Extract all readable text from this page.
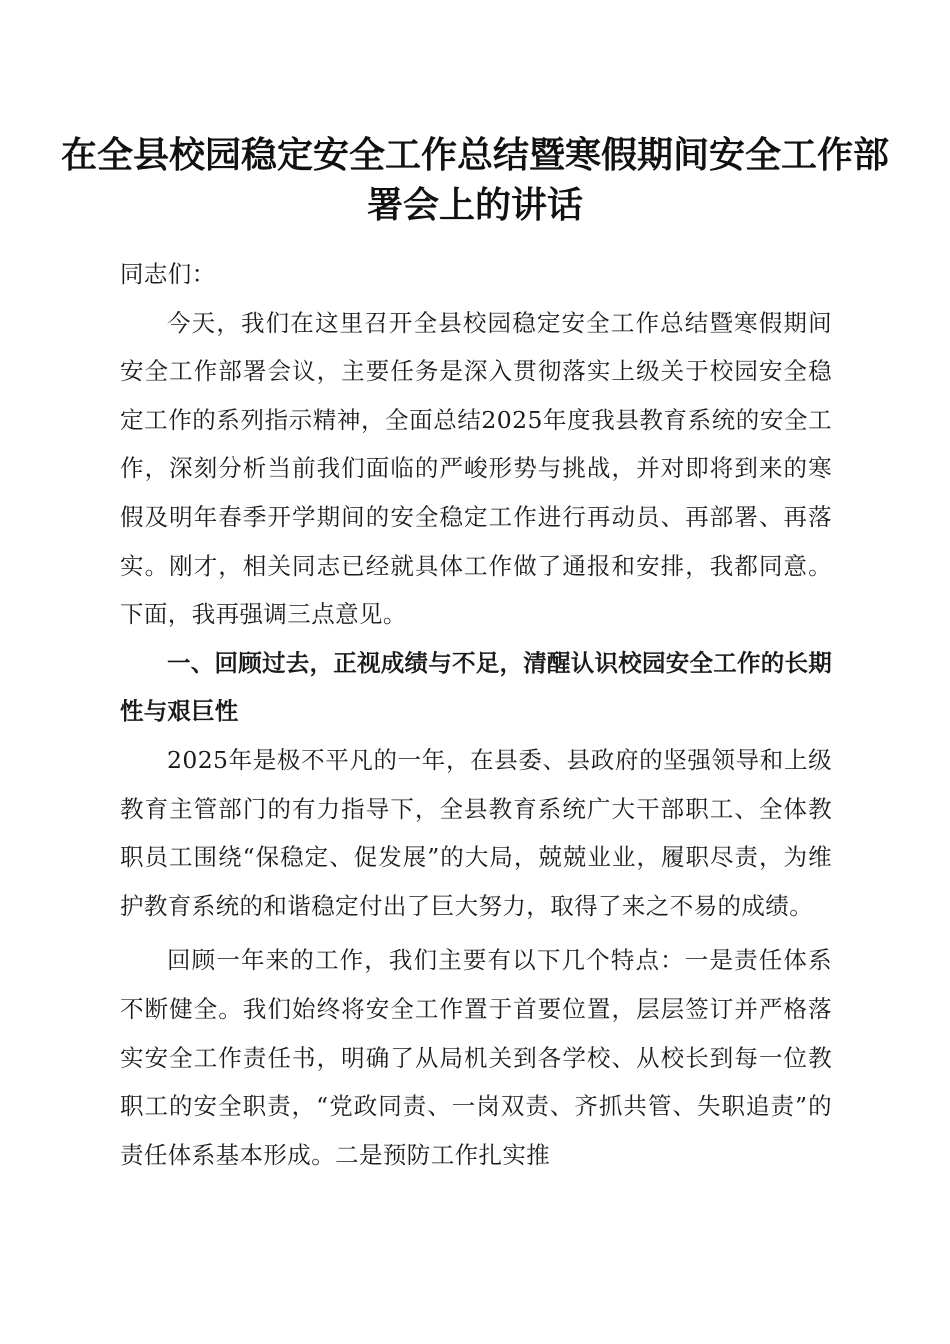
在全县校园稳定安全工作总结暨寒假期间安全工作部署会上的讲话

同志们：

今天，我们在这里召开全县校园稳定安全工作总结暨寒假期间安全工作部署会议，主要任务是深入贯彻落实上级关于校园安全稳定工作的系列指示精神，全面总结2025年度我县教育系统的安全工作，深刻分析当前我们面临的严峻形势与挑战，并对即将到来的寒假及明年春季开学期间的安全稳定工作进行再动员、再部署、再落实。刚才，相关同志已经就具体工作做了通报和安排，我都同意。下面，我再强调三点意见。

一、回顾过去，正视成绩与不足，清醒认识校园安全工作的长期性与艰巨性

2025年是极不平凡的一年，在县委、县政府的坚强领导和上级教育主管部门的有力指导下，全县教育系统广大干部职工、全体教职员工围绕“保稳定、促发展”的大局，兢兢业业，履职尽责，为维护教育系统的和谐稳定付出了巨大努力，取得了来之不易的成绩。

回顾一年来的工作，我们主要有以下几个特点：一是责任体系不断健全。我们始终将安全工作置于首要位置，层层签订并严格落实安全工作责任书，明确了从局机关到各学校、从校长到每一位教职工的安全职责，“党政同责、一岗双责、齐抓共管、失职追责”的责任体系基本形成。二是预防工作扎实推
